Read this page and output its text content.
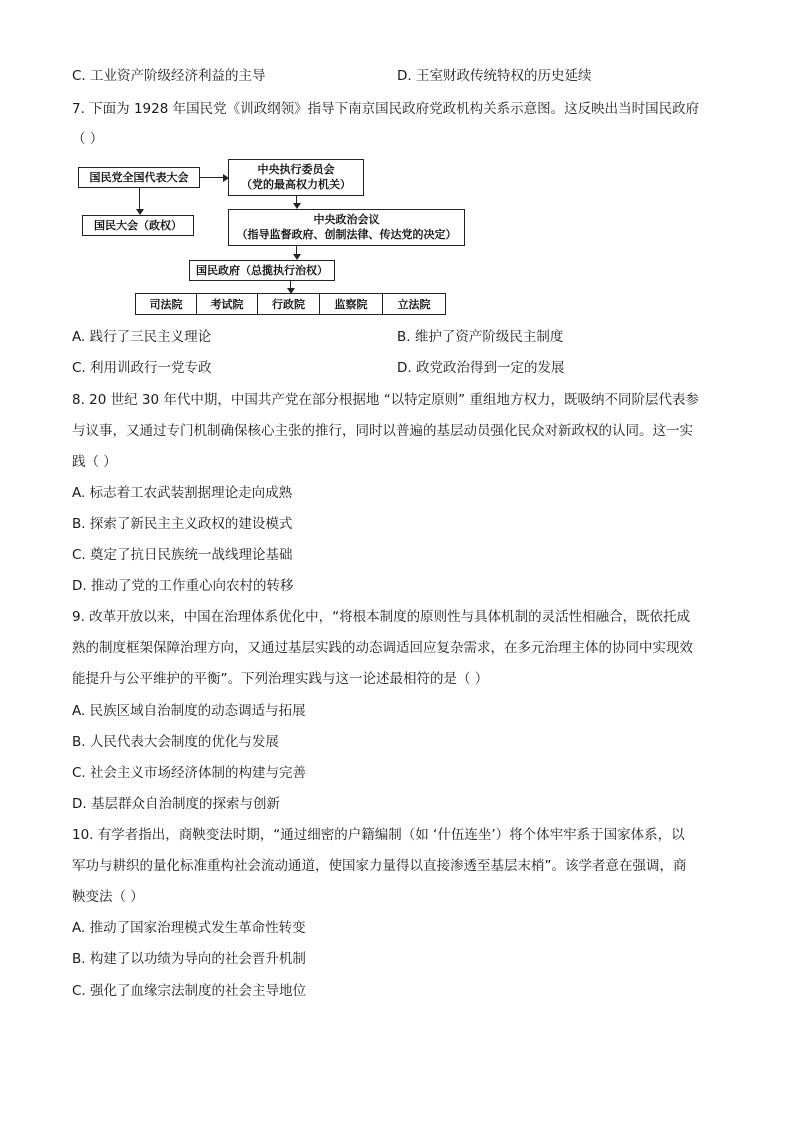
C. 工业资产阶级经济利益的主导	D. 王室财政传统特权的历史延续
7. 下面为 1928 年国民党《训政纲领》指导下南京国民政府党政机构关系示意图。这反映出当时国民政府
（ ）
国民党全国代表大会
中央执行委员会
（党的最高权力机关）
国民大会（政权）	中央政治会议
（指导监督政府、创制法律、传达党的决定）
国民政府（总揽执行治权）
司法院	考试院	行政院	监察院	立法院
A. 践行了三民主义理论	B. 维护了资产阶级民主制度
C. 利用训政行一党专政	D. 政党政治得到一定的发展
8. 20 世纪 30 年代中期，中国共产党在部分根据地 “以特定原则” 重组地方权力，既吸纳不同阶层代表参
与议事，又通过专门机制确保核心主张的推行，同时以普遍的基层动员强化民众对新政权的认同。这一实
践（ ）
A. 标志着工农武装割据理论走向成熟
B. 探索了新民主主义政权的建设模式
C. 奠定了抗日民族统一战线理论基础
D. 推动了党的工作重心向农村的转移
9. 改革开放以来，中国在治理体系优化中，“将根本制度的原则性与具体机制的灵活性相融合，既依托成
熟的制度框架保障治理方向，又通过基层实践的动态调适回应复杂需求，在多元治理主体的协同中实现效
能提升与公平维护的平衡”。下列治理实践与这一论述最相符的是（ ）
A. 民族区域自治制度的动态调适与拓展
B. 人民代表大会制度的优化与发展
C. 社会主义市场经济体制的构建与完善
D. 基层群众自治制度的探索与创新
10. 有学者指出，商鞅变法时期，“通过细密的户籍编制（如 ‘什伍连坐’）将个体牢牢系于国家体系，以
军功与耕织的量化标准重构社会流动通道，使国家力量得以直接渗透至基层末梢”。该学者意在强调，商
鞅变法（ ）
A. 推动了国家治理模式发生革命性转变
B. 构建了以功绩为导向的社会晋升机制
C. 强化了血缘宗法制度的社会主导地位
